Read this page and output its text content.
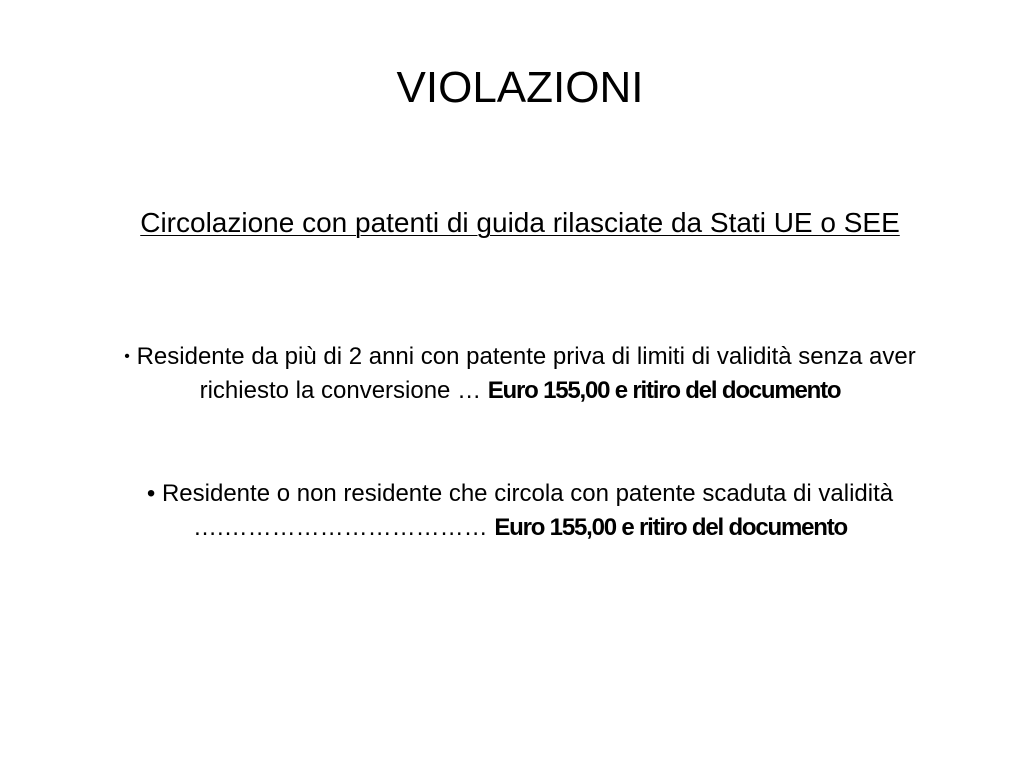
VIOLAZIONI
Circolazione con patenti di guida rilasciate da Stati UE o SEE
• Residente da più di 2 anni con patente priva di limiti di validità senza aver richiesto la conversione … Euro 155,00 e ritiro del documento
• Residente o non residente che circola con patente scaduta di validità ….…………………………… Euro 155,00 e ritiro del documento
